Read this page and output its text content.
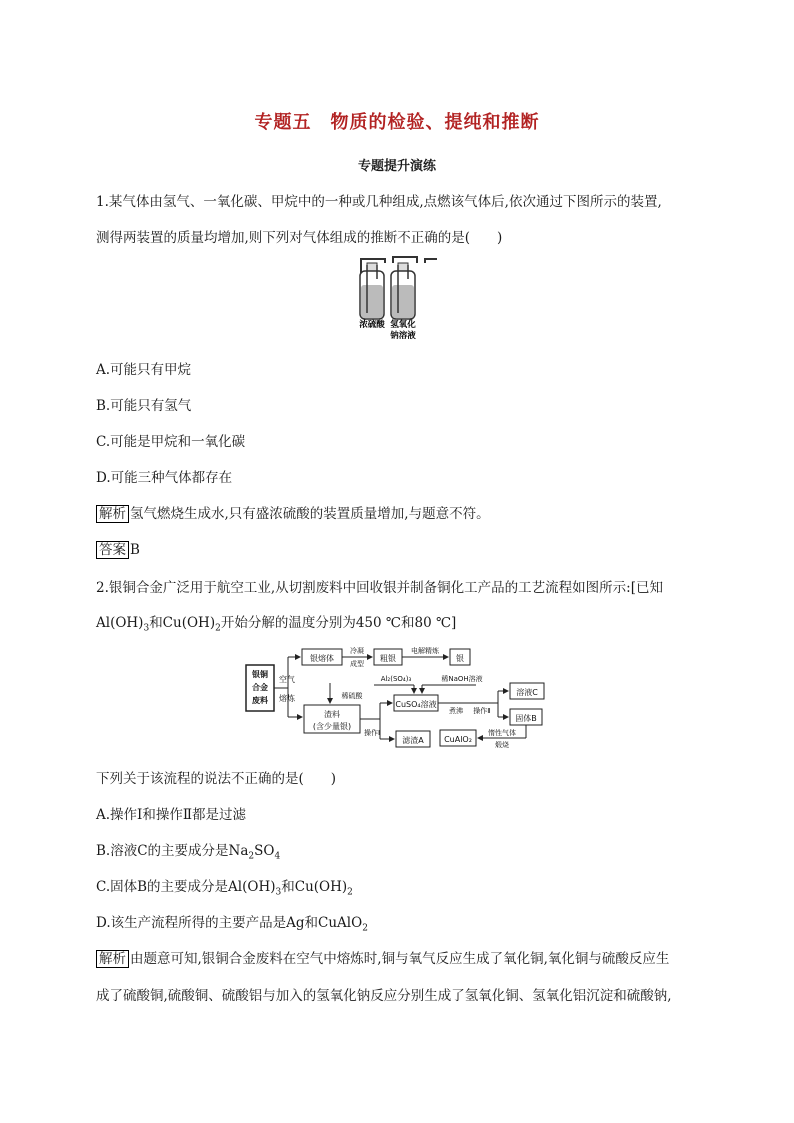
专题五　物质的检验、提纯和推断
专题提升演练
1.某气体由氢气、一氧化碳、甲烷中的一种或几种组成,点燃该气体后,依次通过下图所示的装置,
测得两装置的质量均增加,则下列对气体组成的推断不正确的是(　　)
浓硫酸 氢氧化
钠溶液
A.可能只有甲烷
B.可能只有氢气
C.可能是甲烷和一氧化碳
D.可能三种气体都存在
解析 氢气燃烧生成水,只有盛浓硫酸的装置质量增加,与题意不符。
答案 B
2.银铜合金广泛用于航空工业,从切割废料中回收银并制备铜化工产品的工艺流程如图所示:[已知
$Al(OH)_3$和$Cu(OH)_2$开始分解的温度分别为450 ℃和80 ℃]
银铜
合金
废料
空气
熔炼
银熔体
冷凝
成型
粗银
电解精炼
银
稀硫酸
渣料
(含少量银)
操作Ⅰ
滤渣A
Al₂(SO₄)₃	稀NaOH溶液
CuSO₄溶液
煮沸 操作Ⅱ
溶液C
固体B
CuAlO₂
惰性气体
煅烧
下列关于该流程的说法不正确的是(　　)
A.操作Ⅰ和操作Ⅱ都是过滤
B.溶液C的主要成分是$Na_2SO_4$
C.固体B的主要成分是$Al(OH)_3$和$Cu(OH)_2$
D.该生产流程所得的主要产品是Ag和CuAlO$_2$
解析 由题意可知,银铜合金废料在空气中熔炼时,铜与氧气反应生成了氧化铜,氧化铜与硫酸反应生
成了硫酸铜,硫酸铜、硫酸铝与加入的氢氧化钠反应分别生成了氢氧化铜、氢氧化铝沉淀和硫酸钠,
